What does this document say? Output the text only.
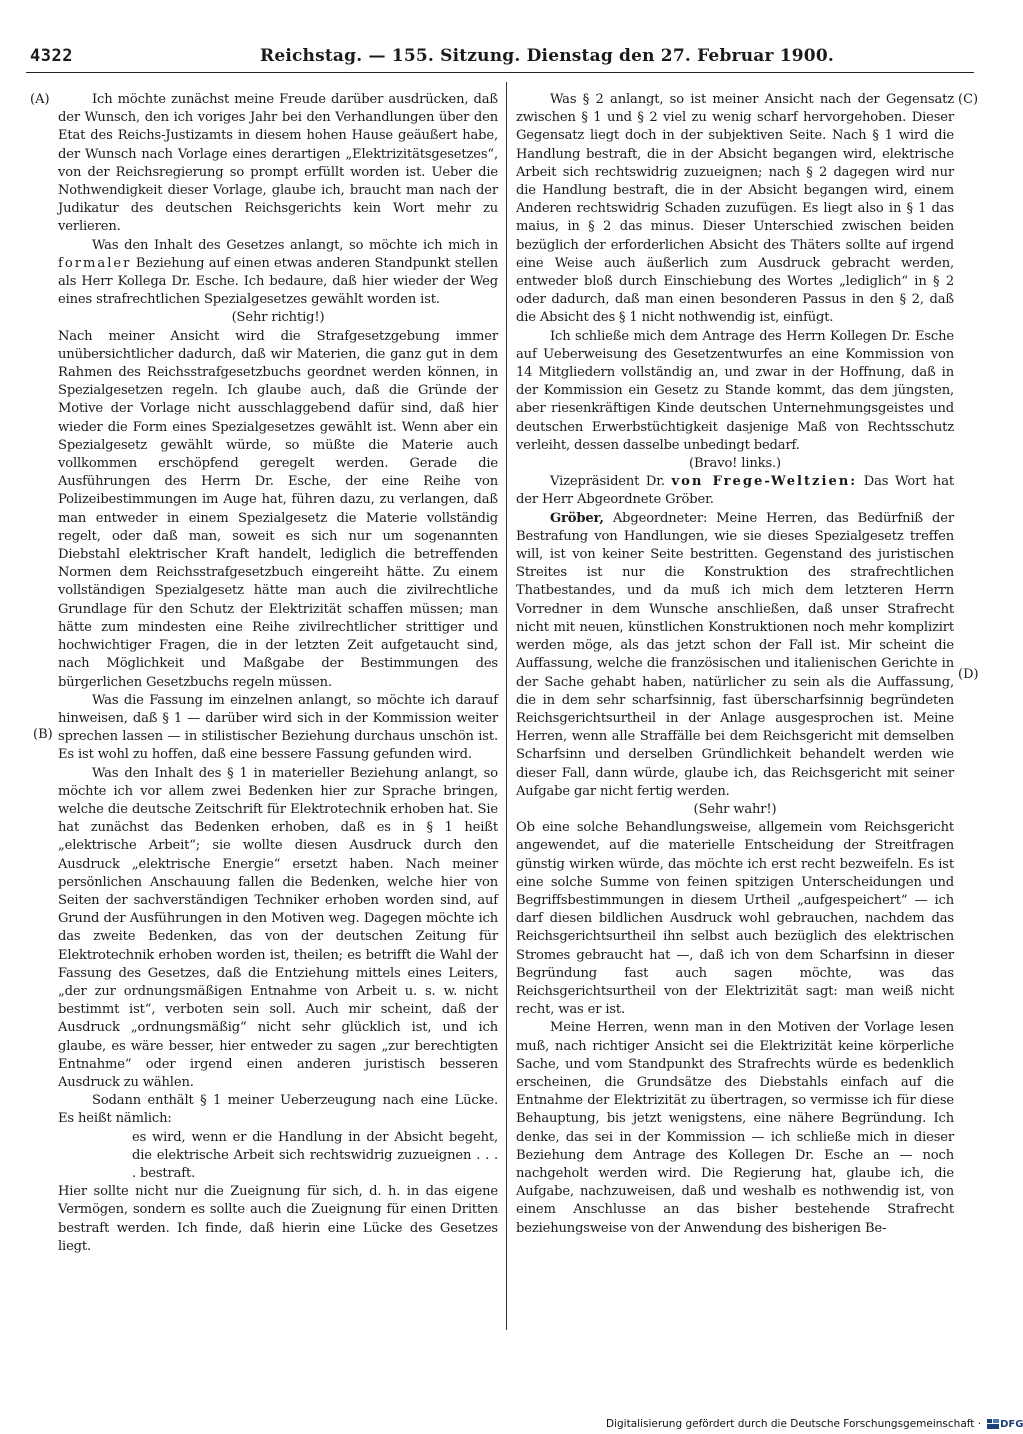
4322	Reichstag. — 155. Sitzung. Dienstag den 27. Februar 1900.
(A)
(B)
(C)
(D)

Ich möchte zunächst meine Freude darüber ausdrücken, daß der Wunsch, den ich voriges Jahr bei den Verhandlungen über den Etat des Reichs-Justizamts in diesem hohen Hause geäußert habe, der Wunsch nach Vorlage eines derartigen „Elektrizitätsgesetzes“, von der Reichsregierung so prompt erfüllt worden ist. Ueber die Nothwendigkeit dieser Vorlage, glaube ich, braucht man nach der Judikatur des deutschen Reichsgerichts kein Wort mehr zu verlieren.

Was den Inhalt des Gesetzes anlangt, so möchte ich mich in formaler Beziehung auf einen etwas anderen Standpunkt stellen als Herr Kollega Dr. Esche. Ich bedaure, daß hier wieder der Weg eines strafrechtlichen Spezialgesetzes gewählt worden ist.

(Sehr richtig!)

Nach meiner Ansicht wird die Strafgesetzgebung immer unübersichtlicher dadurch, daß wir Materien, die ganz gut in dem Rahmen des Reichsstrafgesetzbuchs geordnet werden können, in Spezialgesetzen regeln. Ich glaube auch, daß die Gründe der Motive der Vorlage nicht ausschlaggebend dafür sind, daß hier wieder die Form eines Spezialgesetzes gewählt ist. Wenn aber ein Spezialgesetz gewählt würde, so müßte die Materie auch vollkommen erschöpfend geregelt werden. Gerade die Ausführungen des Herrn Dr. Esche, der eine Reihe von Polizeibestimmungen im Auge hat, führen dazu, zu verlangen, daß man entweder in einem Spezialgesetz die Materie vollständig regelt, oder daß man, soweit es sich nur um sogenannten Diebstahl elektrischer Kraft handelt, lediglich die betreffenden Normen dem Reichsstrafgesetzbuch eingereiht hätte. Zu einem vollständigen Spezialgesetz hätte man auch die zivilrechtliche Grundlage für den Schutz der Elektrizität schaffen müssen; man hätte zum mindesten eine Reihe zivilrechtlicher strittiger und hochwichtiger Fragen, die in der letzten Zeit aufgetaucht sind, nach Möglichkeit und Maßgabe der Bestimmungen des bürgerlichen Gesetzbuchs regeln müssen.

Was die Fassung im einzelnen anlangt, so möchte ich darauf hinweisen, daß § 1 — darüber wird sich in der Kommission weiter sprechen lassen — in stilistischer Beziehung durchaus unschön ist. Es ist wohl zu hoffen, daß eine bessere Fassung gefunden wird.

Was den Inhalt des § 1 in materieller Beziehung anlangt, so möchte ich vor allem zwei Bedenken hier zur Sprache bringen, welche die deutsche Zeitschrift für Elektrotechnik erhoben hat. Sie hat zunächst das Bedenken erhoben, daß es in § 1 heißt „elektrische Arbeit“; sie wollte diesen Ausdruck durch den Ausdruck „elektrische Energie“ ersetzt haben. Nach meiner persönlichen Anschauung fallen die Bedenken, welche hier von Seiten der sachverständigen Techniker erhoben worden sind, auf Grund der Ausführungen in den Motiven weg. Dagegen möchte ich das zweite Bedenken, das von der deutschen Zeitung für Elektrotechnik erhoben worden ist, theilen; es betrifft die Wahl der Fassung des Gesetzes, daß die Entziehung mittels eines Leiters, „der zur ordnungsmäßigen Entnahme von Arbeit u. s. w. nicht bestimmt ist“, verboten sein soll. Auch mir scheint, daß der Ausdruck „ordnungsmäßig“ nicht sehr glücklich ist, und ich glaube, es wäre besser, hier entweder zu sagen „zur berechtigten Entnahme“ oder irgend einen anderen juristisch besseren Ausdruck zu wählen.

Sodann enthält § 1 meiner Ueberzeugung nach eine Lücke. Es heißt nämlich:

es wird, wenn er die Handlung in der Absicht begeht, die elektrische Arbeit sich rechtswidrig zuzueignen . . . . bestraft.

Hier sollte nicht nur die Zueignung für sich, d. h. in das eigene Vermögen, sondern es sollte auch die Zueignung für einen Dritten bestraft werden. Ich finde, daß hierin eine Lücke des Gesetzes liegt.

Was § 2 anlangt, so ist meiner Ansicht nach der Gegensatz zwischen § 1 und § 2 viel zu wenig scharf hervorgehoben. Dieser Gegensatz liegt doch in der subjektiven Seite. Nach § 1 wird die Handlung bestraft, die in der Absicht begangen wird, elektrische Arbeit sich rechtswidrig zuzueignen; nach § 2 dagegen wird nur die Handlung bestraft, die in der Absicht begangen wird, einem Anderen rechtswidrig Schaden zuzufügen. Es liegt also in § 1 das maius, in § 2 das minus. Dieser Unterschied zwischen beiden bezüglich der erforderlichen Absicht des Thäters sollte auf irgend eine Weise auch äußerlich zum Ausdruck gebracht werden, entweder bloß durch Einschiebung des Wortes „lediglich“ in § 2 oder dadurch, daß man einen besonderen Passus in den § 2, daß die Absicht des § 1 nicht nothwendig ist, einfügt.

Ich schließe mich dem Antrage des Herrn Kollegen Dr. Esche auf Ueberweisung des Gesetzentwurfes an eine Kommission von 14 Mitgliedern vollständig an, und zwar in der Hoffnung, daß in der Kommission ein Gesetz zu Stande kommt, das dem jüngsten, aber riesenkräftigen Kinde deutschen Unternehmungsgeistes und deutschen Erwerbstüchtigkeit dasjenige Maß von Rechtsschutz verleiht, dessen dasselbe unbedingt bedarf.

(Bravo! links.)

Vizepräsident Dr. von Frege-Weltzien: Das Wort hat der Herr Abgeordnete Gröber.

Gröber, Abgeordneter: Meine Herren, das Bedürfniß der Bestrafung von Handlungen, wie sie dieses Spezialgesetz treffen will, ist von keiner Seite bestritten. Gegenstand des juristischen Streites ist nur die Konstruktion des strafrechtlichen Thatbestandes, und da muß ich mich dem letzteren Herrn Vorredner in dem Wunsche anschließen, daß unser Strafrecht nicht mit neuen, künstlichen Konstruktionen noch mehr komplizirt werden möge, als das jetzt schon der Fall ist. Mir scheint die Auffassung, welche die französischen und italienischen Gerichte in der Sache gehabt haben, natürlicher zu sein als die Auffassung, die in dem sehr scharfsinnig, fast überscharfsinnig begründeten Reichsgerichtsurtheil in der Anlage ausgesprochen ist. Meine Herren, wenn alle Straffälle bei dem Reichsgericht mit demselben Scharfsinn und derselben Gründlichkeit behandelt werden wie dieser Fall, dann würde, glaube ich, das Reichsgericht mit seiner Aufgabe gar nicht fertig werden.

(Sehr wahr!)

Ob eine solche Behandlungsweise, allgemein vom Reichsgericht angewendet, auf die materielle Entscheidung der Streitfragen günstig wirken würde, das möchte ich erst recht bezweifeln. Es ist eine solche Summe von feinen spitzigen Unterscheidungen und Begriffsbestimmungen in diesem Urtheil „aufgespeichert“ — ich darf diesen bildlichen Ausdruck wohl gebrauchen, nachdem das Reichsgerichtsurtheil ihn selbst auch bezüglich des elektrischen Stromes gebraucht hat —, daß ich von dem Scharfsinn in dieser Begründung fast auch sagen möchte, was das Reichsgerichtsurtheil von der Elektrizität sagt: man weiß nicht recht, was er ist.

Meine Herren, wenn man in den Motiven der Vorlage lesen muß, nach richtiger Ansicht sei die Elektrizität keine körperliche Sache, und vom Standpunkt des Strafrechts würde es bedenklich erscheinen, die Grundsätze des Diebstahls einfach auf die Entnahme der Elektrizität zu übertragen, so vermisse ich für diese Behauptung, bis jetzt wenigstens, eine nähere Begründung. Ich denke, das sei in der Kommission — ich schließe mich in dieser Beziehung dem Antrage des Kollegen Dr. Esche an — noch nachgeholt werden wird. Die Regierung hat, glaube ich, die Aufgabe, nachzuweisen, daß und weshalb es nothwendig ist, von einem Anschlusse an das bisher bestehende Strafrecht beziehungsweise von der Anwendung des bisherigen Be-

Digitalisierung gefördert durch die Deutsche Forschungsgemeinschaft · DFG
